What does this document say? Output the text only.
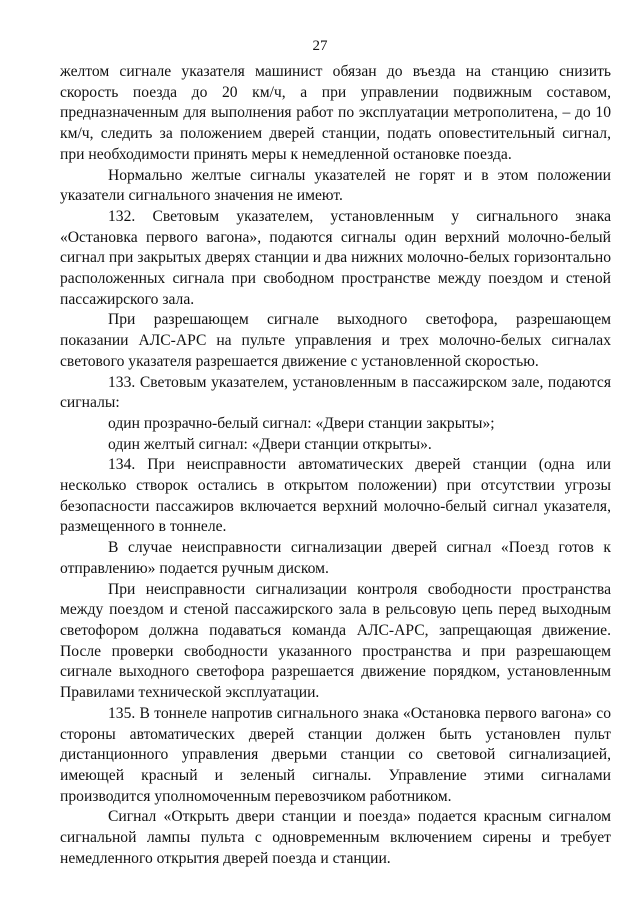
27

желтом сигнале указателя машинист обязан до въезда на станцию снизить скорость поезда до 20 км/ч, а при управлении подвижным составом, предназначенным для выполнения работ по эксплуатации метрополитена, – до 10 км/ч, следить за положением дверей станции, подать оповестительный сигнал, при необходимости принять меры к немедленной остановке поезда.

Нормально желтые сигналы указателей не горят и в этом положении указатели сигнального значения не имеют.

132. Световым указателем, установленным у сигнального знака «Остановка первого вагона», подаются сигналы один верхний молочно-белый сигнал при закрытых дверях станции и два нижних молочно-белых горизонтально расположенных сигнала при свободном пространстве между поездом и стеной пассажирского зала.

При разрешающем сигнале выходного светофора, разрешающем показании АЛС-АРС на пульте управления и трех молочно-белых сигналах светового указателя разрешается движение с установленной скоростью.

133. Световым указателем, установленным в пассажирском зале, подаются сигналы:

один прозрачно-белый сигнал: «Двери станции закрыты»;

один желтый сигнал: «Двери станции открыты».

134. При неисправности автоматических дверей станции (одна или несколько створок остались в открытом положении) при отсутствии угрозы безопасности пассажиров включается верхний молочно-белый сигнал указателя, размещенного в тоннеле.

В случае неисправности сигнализации дверей сигнал «Поезд готов к отправлению» подается ручным диском.

При неисправности сигнализации контроля свободности пространства между поездом и стеной пассажирского зала в рельсовую цепь перед выходным светофором должна подаваться команда АЛС-АРС, запрещающая движение. После проверки свободности указанного пространства и при разрешающем сигнале выходного светофора разрешается движение порядком, установленным Правилами технической эксплуатации.

135. В тоннеле напротив сигнального знака «Остановка первого вагона» со стороны автоматических дверей станции должен быть установлен пульт дистанционного управления дверьми станции со световой сигнализацией, имеющей красный и зеленый сигналы. Управление этими сигналами производится уполномоченным перевозчиком работником.

Сигнал «Открыть двери станции и поезда» подается красным сигналом сигнальной лампы пульта с одновременным включением сирены и требует немедленного открытия дверей поезда и станции.
